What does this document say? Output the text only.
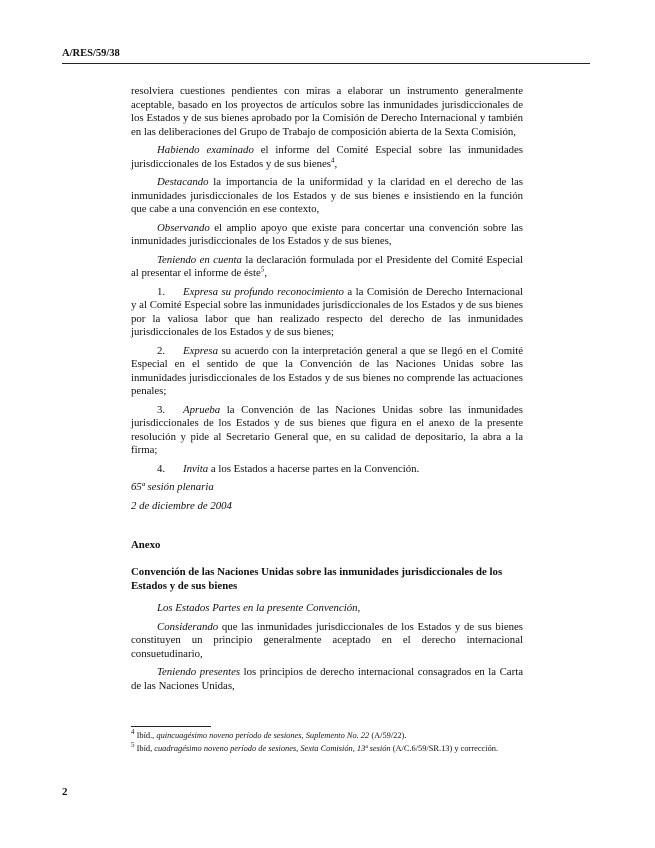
A/RES/59/38

resolviera cuestiones pendientes con miras a elaborar un instrumento generalmente aceptable, basado en los proyectos de artículos sobre las inmunidades jurisdiccionales de los Estados y de sus bienes aprobado por la Comisión de Derecho Internacional y también en las deliberaciones del Grupo de Trabajo de composición abierta de la Sexta Comisión,

Habiendo examinado el informe del Comité Especial sobre las inmunidades jurisdiccionales de los Estados y de sus bienes$^4$,

Destacando la importancia de la uniformidad y la claridad en el derecho de las inmunidades jurisdiccionales de los Estados y de sus bienes e insistiendo en la función que cabe a una convención en ese contexto,

Observando el amplio apoyo que existe para concertar una convención sobre las inmunidades jurisdiccionales de los Estados y de sus bienes,

Teniendo en cuenta la declaración formulada por el Presidente del Comité Especial al presentar el informe de éste$^5$,

1. Expresa su profundo reconocimiento a la Comisión de Derecho Internacional y al Comité Especial sobre las inmunidades jurisdiccionales de los Estados y de sus bienes por la valiosa labor que han realizado respecto del derecho de las inmunidades jurisdiccionales de los Estados y de sus bienes;

2. Expresa su acuerdo con la interpretación general a que se llegó en el Comité Especial en el sentido de que la Convención de las Naciones Unidas sobre las inmunidades jurisdiccionales de los Estados y de sus bienes no comprende las actuaciones penales;

3. Aprueba la Convención de las Naciones Unidas sobre las inmunidades jurisdiccionales de los Estados y de sus bienes que figura en el anexo de la presente resolución y pide al Secretario General que, en su calidad de depositario, la abra a la firma;

4. Invita a los Estados a hacerse partes en la Convención.

65ª sesión plenaria

2 de diciembre de 2004

Anexo
Convención de las Naciones Unidas sobre las inmunidades jurisdiccionales de los Estados y de sus bienes

Los Estados Partes en la presente Convención,

Considerando que las inmunidades jurisdiccionales de los Estados y de sus bienes constituyen un principio generalmente aceptado en el derecho internacional consuetudinario,

Teniendo presentes los principios de derecho internacional consagrados en la Carta de las Naciones Unidas,

$^4$ Ibíd., quincuagésimo noveno período de sesiones, Suplemento No. 22 (A/59/22).

$^5$ Ibíd, cuadragésimo noveno período de sesiones, Sexta Comisión, 13ª sesión (A/C.6/59/SR.13) y corrección.

2
